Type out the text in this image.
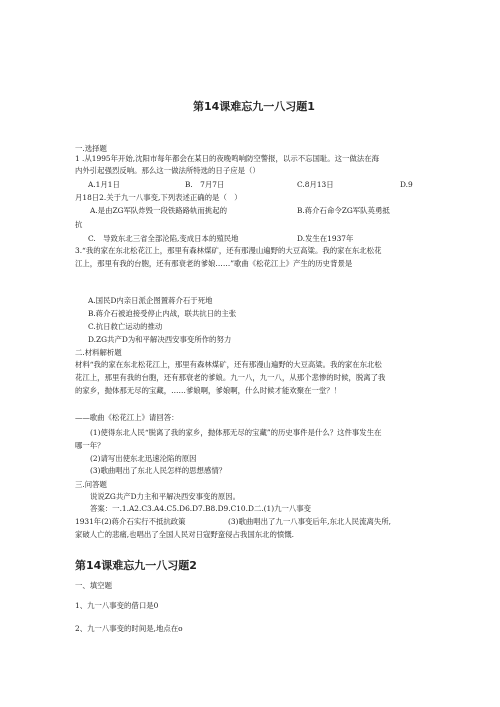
第14课难忘九一八习题1
一.选择题
1 .从1995年开始,沈阳市每年都会在某日的夜晚鸣响防空警报，以示不忘国耻。这一做法在海
内外引起强烈反响。那么这一做法所特选的日子应是（）
A.1月1日	B.　7月7日	C.8月13日	D.9
月18日2.关于九一八事变,下列表述正确的是（　）
A.是由ZG军队炸毁一段铁路路轨而挑起的	B.蒋介石命令ZG军队英勇抵
抗
C.　导致东北三省全部沦陷,变成日本的殖民地	D.发生在1937年
3.“我的家在东北松花江上，那里有森林煤矿，还有那漫山遍野的大豆高粱。我的家在东北松花
江上，那里有我的台胞，还有那衰老的爹娘……”歌曲《松花江上》产生的历史背景是
A.国民D内亲日派企图置蒋介石于死地
B.蒋介石被迫接受停止内战，联共抗日的主张
C.抗日救亡运动的推动
D.ZG共产D为和平解决西安事变所作的努力
二.材料解析题
材料“我的家在东北松花江上，那里有森林煤矿，还有那漫山遍野的大豆高粱。我的家在东北松
花江上，那里有我的台胞，还有那衰老的爹娘。九一八，九一八，从那个悲惨的时候，脱离了我
的家乡，抛体那无尽的宝藏，……爹娘啊，爹娘啊，什么时候才能欢聚在一堂？！
——歌曲《松花江上》请回答：
(1)使得东北人民“脱离了我的家乡，抛体那无尽的宝藏”的历史事件是什么？这件事发生在
哪一年？
(2)请写出使东北迅速沦陷的原因
(3)歌曲唱出了东北人民怎样的思想感情？
三.问答题
说说ZG共产D力主和平解决西安事变的原因。
答案：一.1.A2.C3.A4.C5.D6.D7.B8.D9.C10.D二.(1)九一八事变
1931年(2)蒋介石实行不抵抗政策	(3)歌曲唱出了九一八事变后年,东北人民流离失所,
家破人亡的悲痛,也唱出了全国人民对日寇野蛮侵占我国东北的愤慨.
第14课难忘九一八习题2
一、填空题
1、九一八事变的借口是0
2、九一八事变的时间是,地点在o
